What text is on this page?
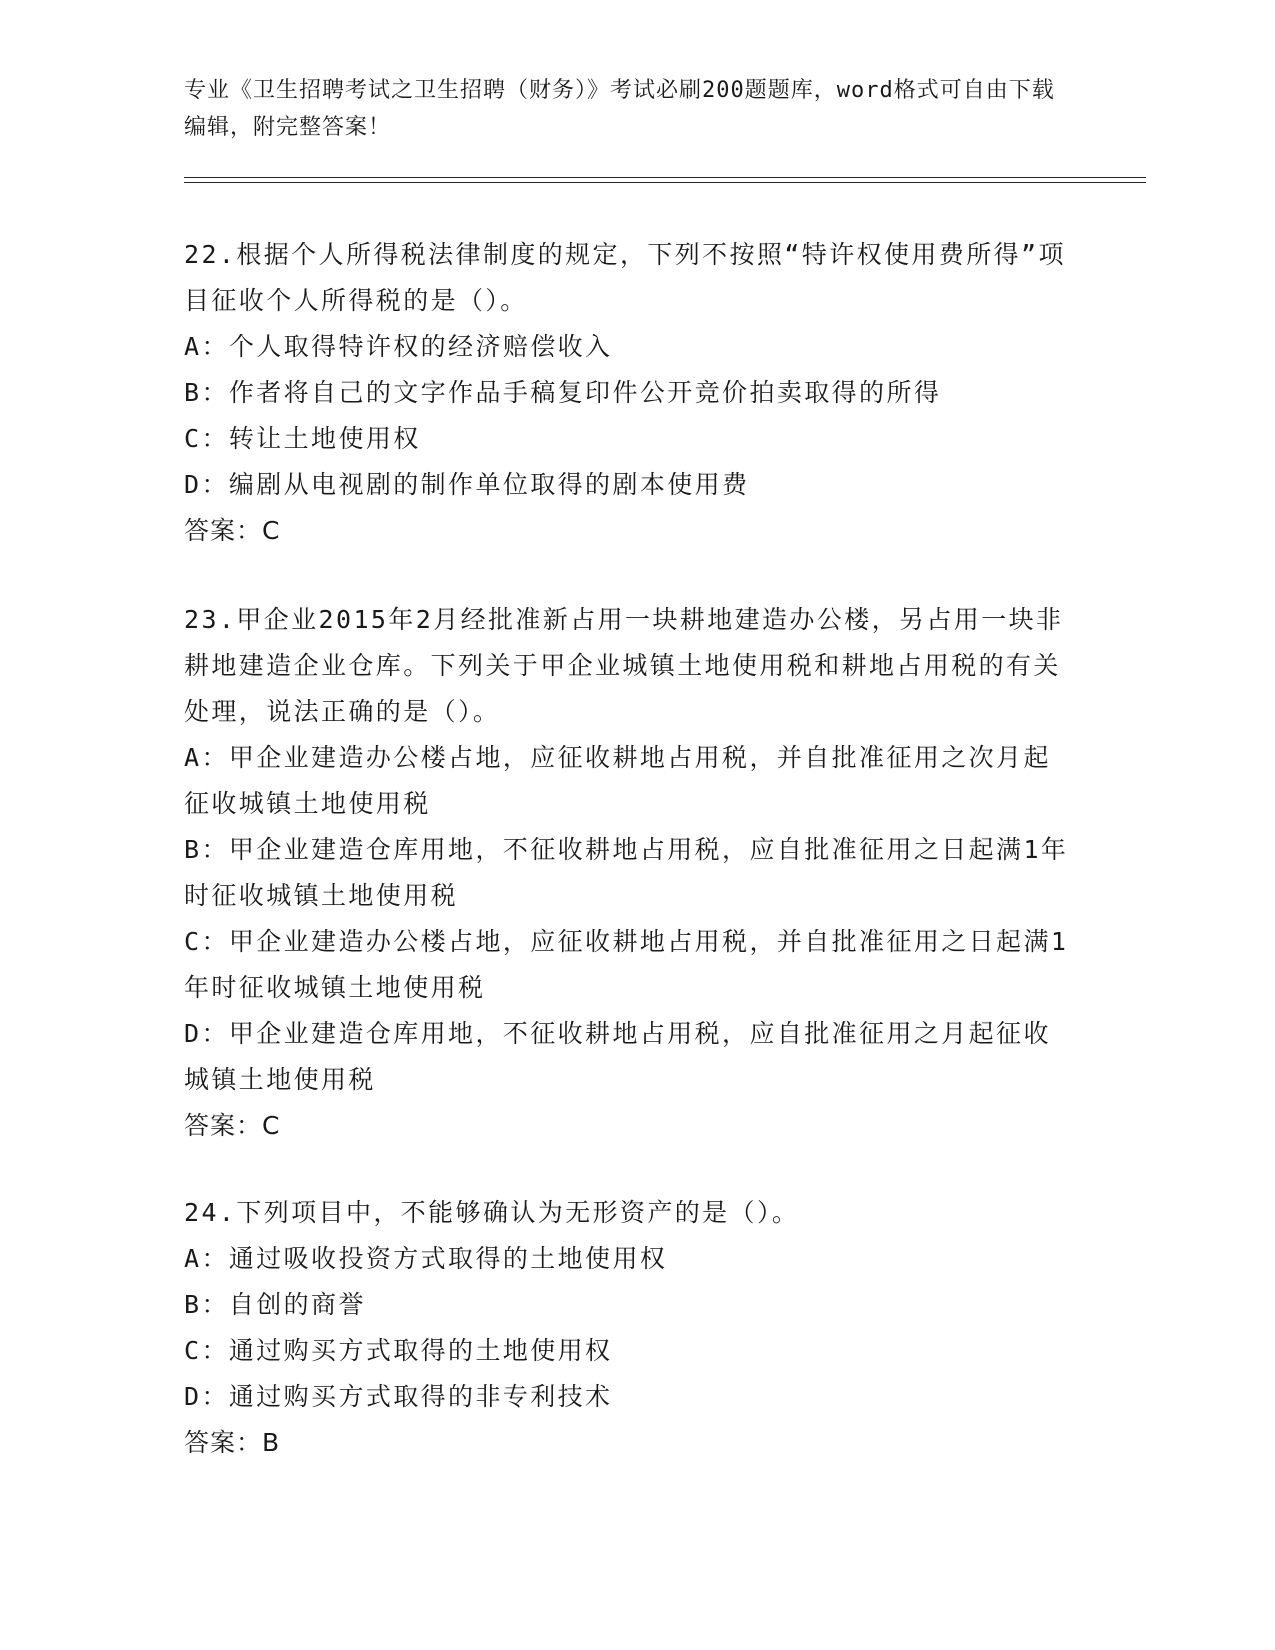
专业《卫生招聘考试之卫生招聘（财务）》考试必刷200题题库，word格式可自由下载编辑，附完整答案！
22.根据个人所得税法律制度的规定，下列不按照“特许权使用费所得”项目征收个人所得税的是（）。
A：个人取得特许权的经济赔偿收入
B：作者将自己的文字作品手稿复印件公开竞价拍卖取得的所得
C：转让土地使用权
D：编剧从电视剧的制作单位取得的剧本使用费
答案：C
23.甲企业2015年2月经批准新占用一块耕地建造办公楼，另占用一块非耕地建造企业仓库。下列关于甲企业城镇土地使用税和耕地占用税的有关处理，说法正确的是（）。
A：甲企业建造办公楼占地，应征收耕地占用税，并自批准征用之次月起征收城镇土地使用税
B：甲企业建造仓库用地，不征收耕地占用税，应自批准征用之日起满1年时征收城镇土地使用税
C：甲企业建造办公楼占地，应征收耕地占用税，并自批准征用之日起满1年时征收城镇土地使用税
D：甲企业建造仓库用地，不征收耕地占用税，应自批准征用之月起征收城镇土地使用税
答案：C
24.下列项目中，不能够确认为无形资产的是（）。
A：通过吸收投资方式取得的土地使用权
B：自创的商誉
C：通过购买方式取得的土地使用权
D：通过购买方式取得的非专利技术
答案：B
